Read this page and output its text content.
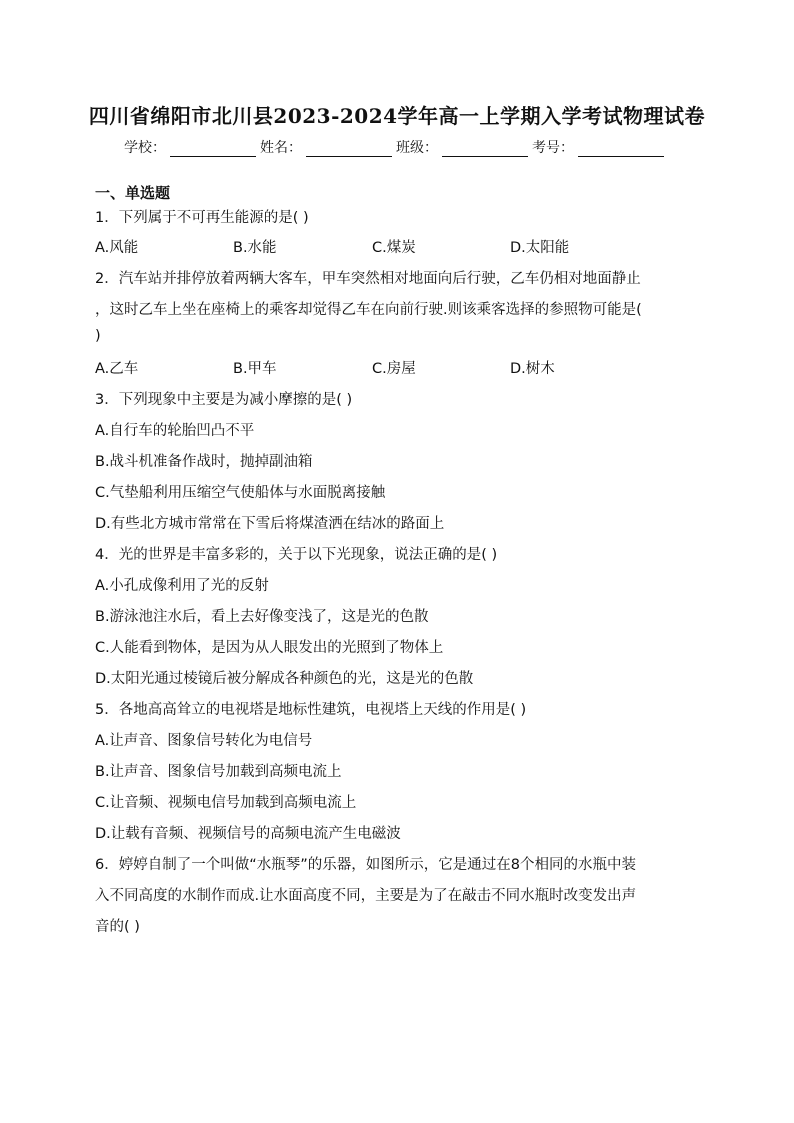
四川省绵阳市北川县2023-2024学年高一上学期入学考试物理试卷
学校：	姓名：	班级：	考号：
一、单选题
1．下列属于不可再生能源的是( )
A.风能	B.水能	C.煤炭	D.太阳能
2．汽车站并排停放着两辆大客车，甲车突然相对地面向后行驶，乙车仍相对地面静止
，这时乙车上坐在座椅上的乘客却觉得乙车在向前行驶.则该乘客选择的参照物可能是(
)
A.乙车	B.甲车	C.房屋	D.树木
3．下列现象中主要是为减小摩擦的是( )
A.自行车的轮胎凹凸不平
B.战斗机准备作战时，抛掉副油箱
C.气垫船利用压缩空气使船体与水面脱离接触
D.有些北方城市常常在下雪后将煤渣洒在结冰的路面上
4．光的世界是丰富多彩的，关于以下光现象，说法正确的是( )
A.小孔成像利用了光的反射
B.游泳池注水后，看上去好像变浅了，这是光的色散
C.人能看到物体，是因为从人眼发出的光照到了物体上
D.太阳光通过棱镜后被分解成各种颜色的光，这是光的色散
5．各地高高耸立的电视塔是地标性建筑，电视塔上天线的作用是( )
A.让声音、图象信号转化为电信号
B.让声音、图象信号加载到高频电流上
C.让音频、视频电信号加载到高频电流上
D.让载有音频、视频信号的高频电流产生电磁波
6．婷婷自制了一个叫做“水瓶琴”的乐器，如图所示，它是通过在8个相同的水瓶中装
入不同高度的水制作而成.让水面高度不同，主要是为了在敲击不同水瓶时改变发出声
音的( )
